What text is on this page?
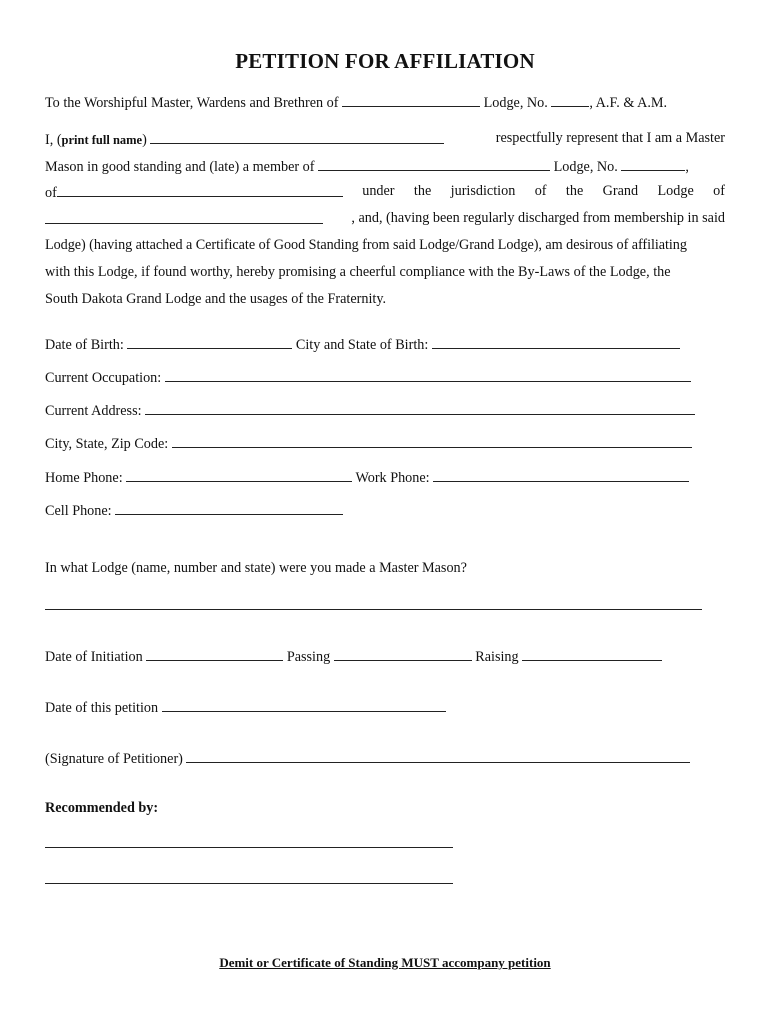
PETITION FOR AFFILIATION
To the Worshipful Master, Wardens and Brethren of	Lodge, No.	, A.F. & A.M.
I, (print full name)	respectfully represent that I am a Master
Mason in good standing and (late) a member of	Lodge, No.	,
of	under the jurisdiction of the Grand Lodge of
, and, (having been regularly discharged from membership in said
Lodge) (having attached a Certificate of Good Standing from said Lodge/Grand Lodge), am desirous of affiliating
with this Lodge, if found worthy, hereby promising a cheerful compliance with the By-Laws of the Lodge, the
South Dakota Grand Lodge and the usages of the Fraternity.
Date of Birth:	City and State of Birth:
Current Occupation:
Current Address:
City, State, Zip Code:
Home Phone:	Work Phone:
Cell Phone:
In what Lodge (name, number and state) were you made a Master Mason?
Date of Initiation	Passing	Raising
Date of this petition
(Signature of Petitioner)
Recommended by:
Demit or Certificate of Standing MUST accompany petition
